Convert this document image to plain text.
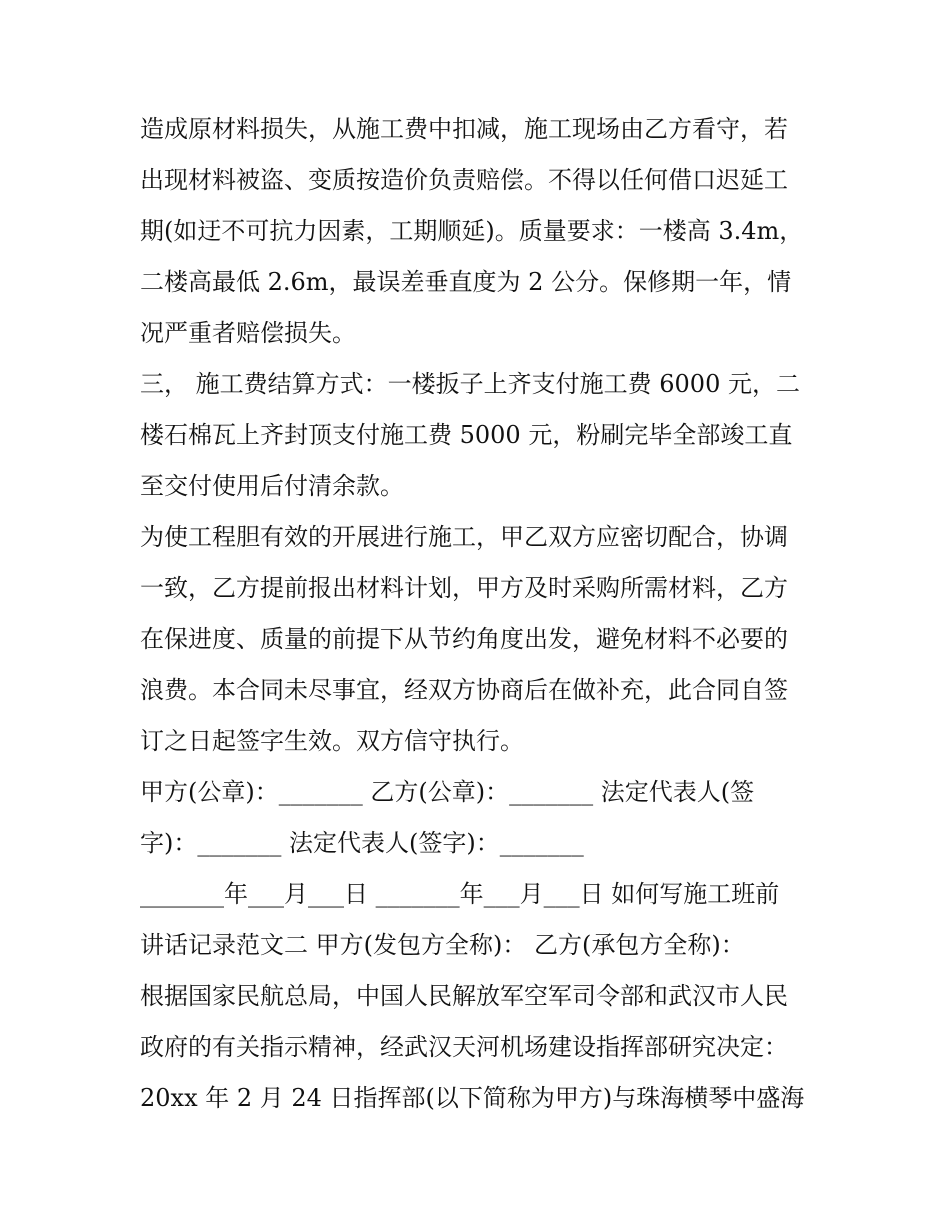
造成原材料损失，从施工费中扣减，施工现场由乙方看守，若
出现材料被盗、变质按造价负责赔偿。不得以任何借口迟延工
期(如迂不可抗力因素，工期顺延)。质量要求：一楼高 3.4m，
二楼高最低 2.6m，最误差垂直度为 2 公分。保修期一年，情
况严重者赔偿损失。
三， 施工费结算方式：一楼扳子上齐支付施工费 6000 元，二
楼石棉瓦上齐封顶支付施工费 5000 元，粉刷完毕全部竣工直
至交付使用后付清余款。
为使工程胆有效的开展进行施工，甲乙双方应密切配合，协调
一致，乙方提前报出材料计划，甲方及时采购所需材料，乙方
在保进度、质量的前提下从节约角度出发，避免材料不必要的
浪费。本合同未尽事宜，经双方协商后在做补充，此合同自签
订之日起签字生效。双方信守执行。
甲方(公章)：_______ 乙方(公章)：_______ 法定代表人(签
字)：_______ 法定代表人(签字)：_______
_______年___月___日 _______年___月___日 如何写施工班前
讲话记录范文二 甲方(发包方全称)： 乙方(承包方全称)：
根据国家民航总局，中国人民解放军空军司令部和武汉市人民
政府的有关指示精神，经武汉天河机场建设指挥部研究决定：
20xx 年 2 月 24 日指挥部(以下简称为甲方)与珠海横琴中盛海
